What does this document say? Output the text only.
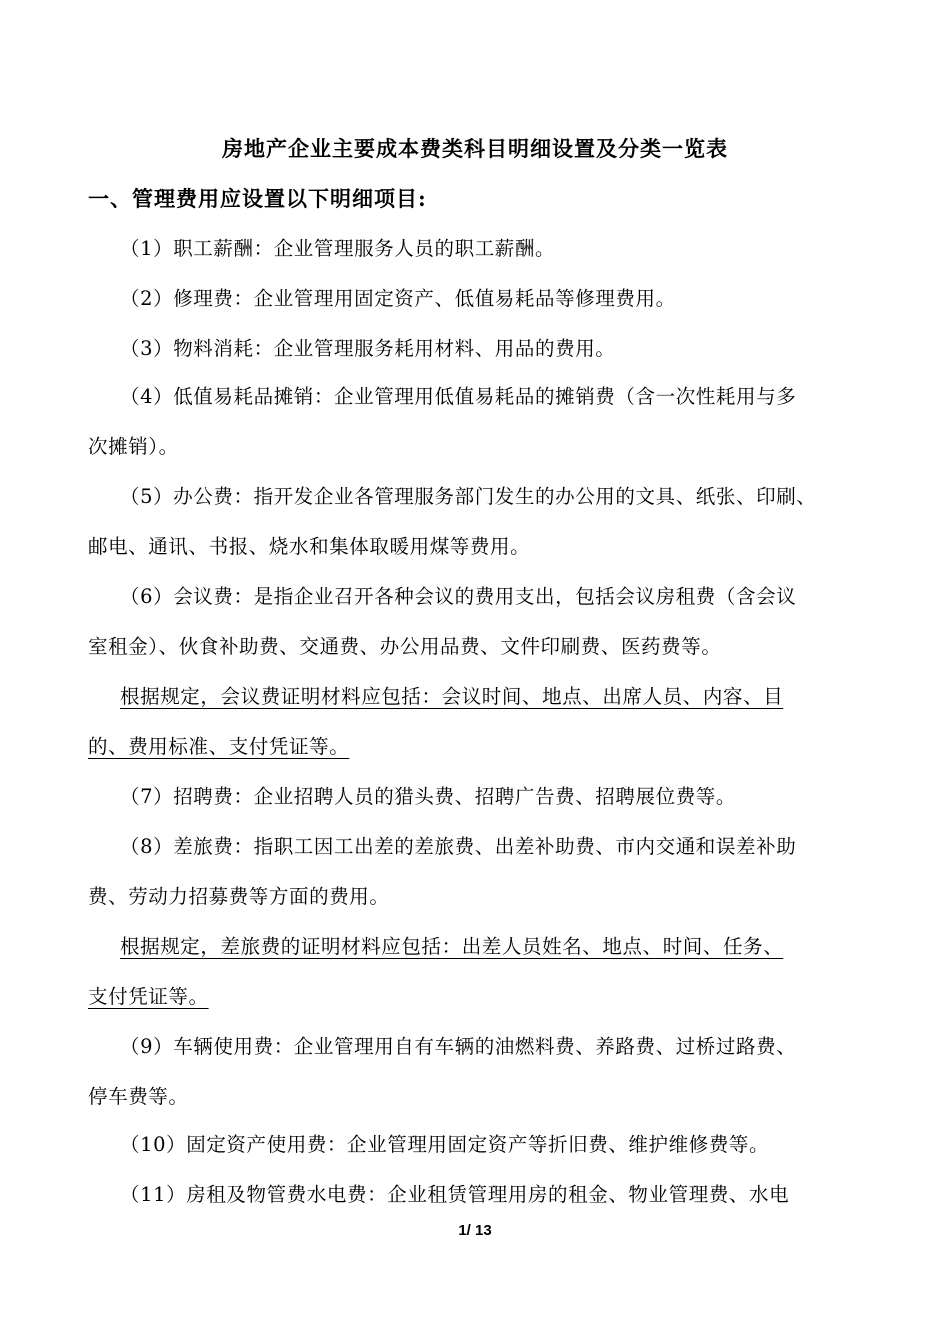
房地产企业主要成本费类科目明细设置及分类一览表
一、管理费用应设置以下明细项目:
（1）职工薪酬：企业管理服务人员的职工薪酬。
（2）修理费：企业管理用固定资产、低值易耗品等修理费用。
（3）物料消耗：企业管理服务耗用材料、用品的费用。
（4）低值易耗品摊销：企业管理用低值易耗品的摊销费（含一次性耗用与多
次摊销）。
（5）办公费：指开发企业各管理服务部门发生的办公用的文具、纸张、印刷、
邮电、通讯、书报、烧水和集体取暖用煤等费用。
（6）会议费：是指企业召开各种会议的费用支出，包括会议房租费（含会议
室租金）、伙食补助费、交通费、办公用品费、文件印刷费、医药费等。
根据规定，会议费证明材料应包括：会议时间、地点、出席人员、内容、目
的、费用标准、支付凭证等。
（7）招聘费：企业招聘人员的猎头费、招聘广告费、招聘展位费等。
（8）差旅费：指职工因工出差的差旅费、出差补助费、市内交通和误差补助
费、劳动力招募费等方面的费用。
根据规定，差旅费的证明材料应包括：出差人员姓名、地点、时间、任务、
支付凭证等。
（9）车辆使用费：企业管理用自有车辆的油燃料费、养路费、过桥过路费、
停车费等。
（10）固定资产使用费：企业管理用固定资产等折旧费、维护维修费等。
（11）房租及物管费水电费：企业租赁管理用房的租金、物业管理费、水电
1/ 13
